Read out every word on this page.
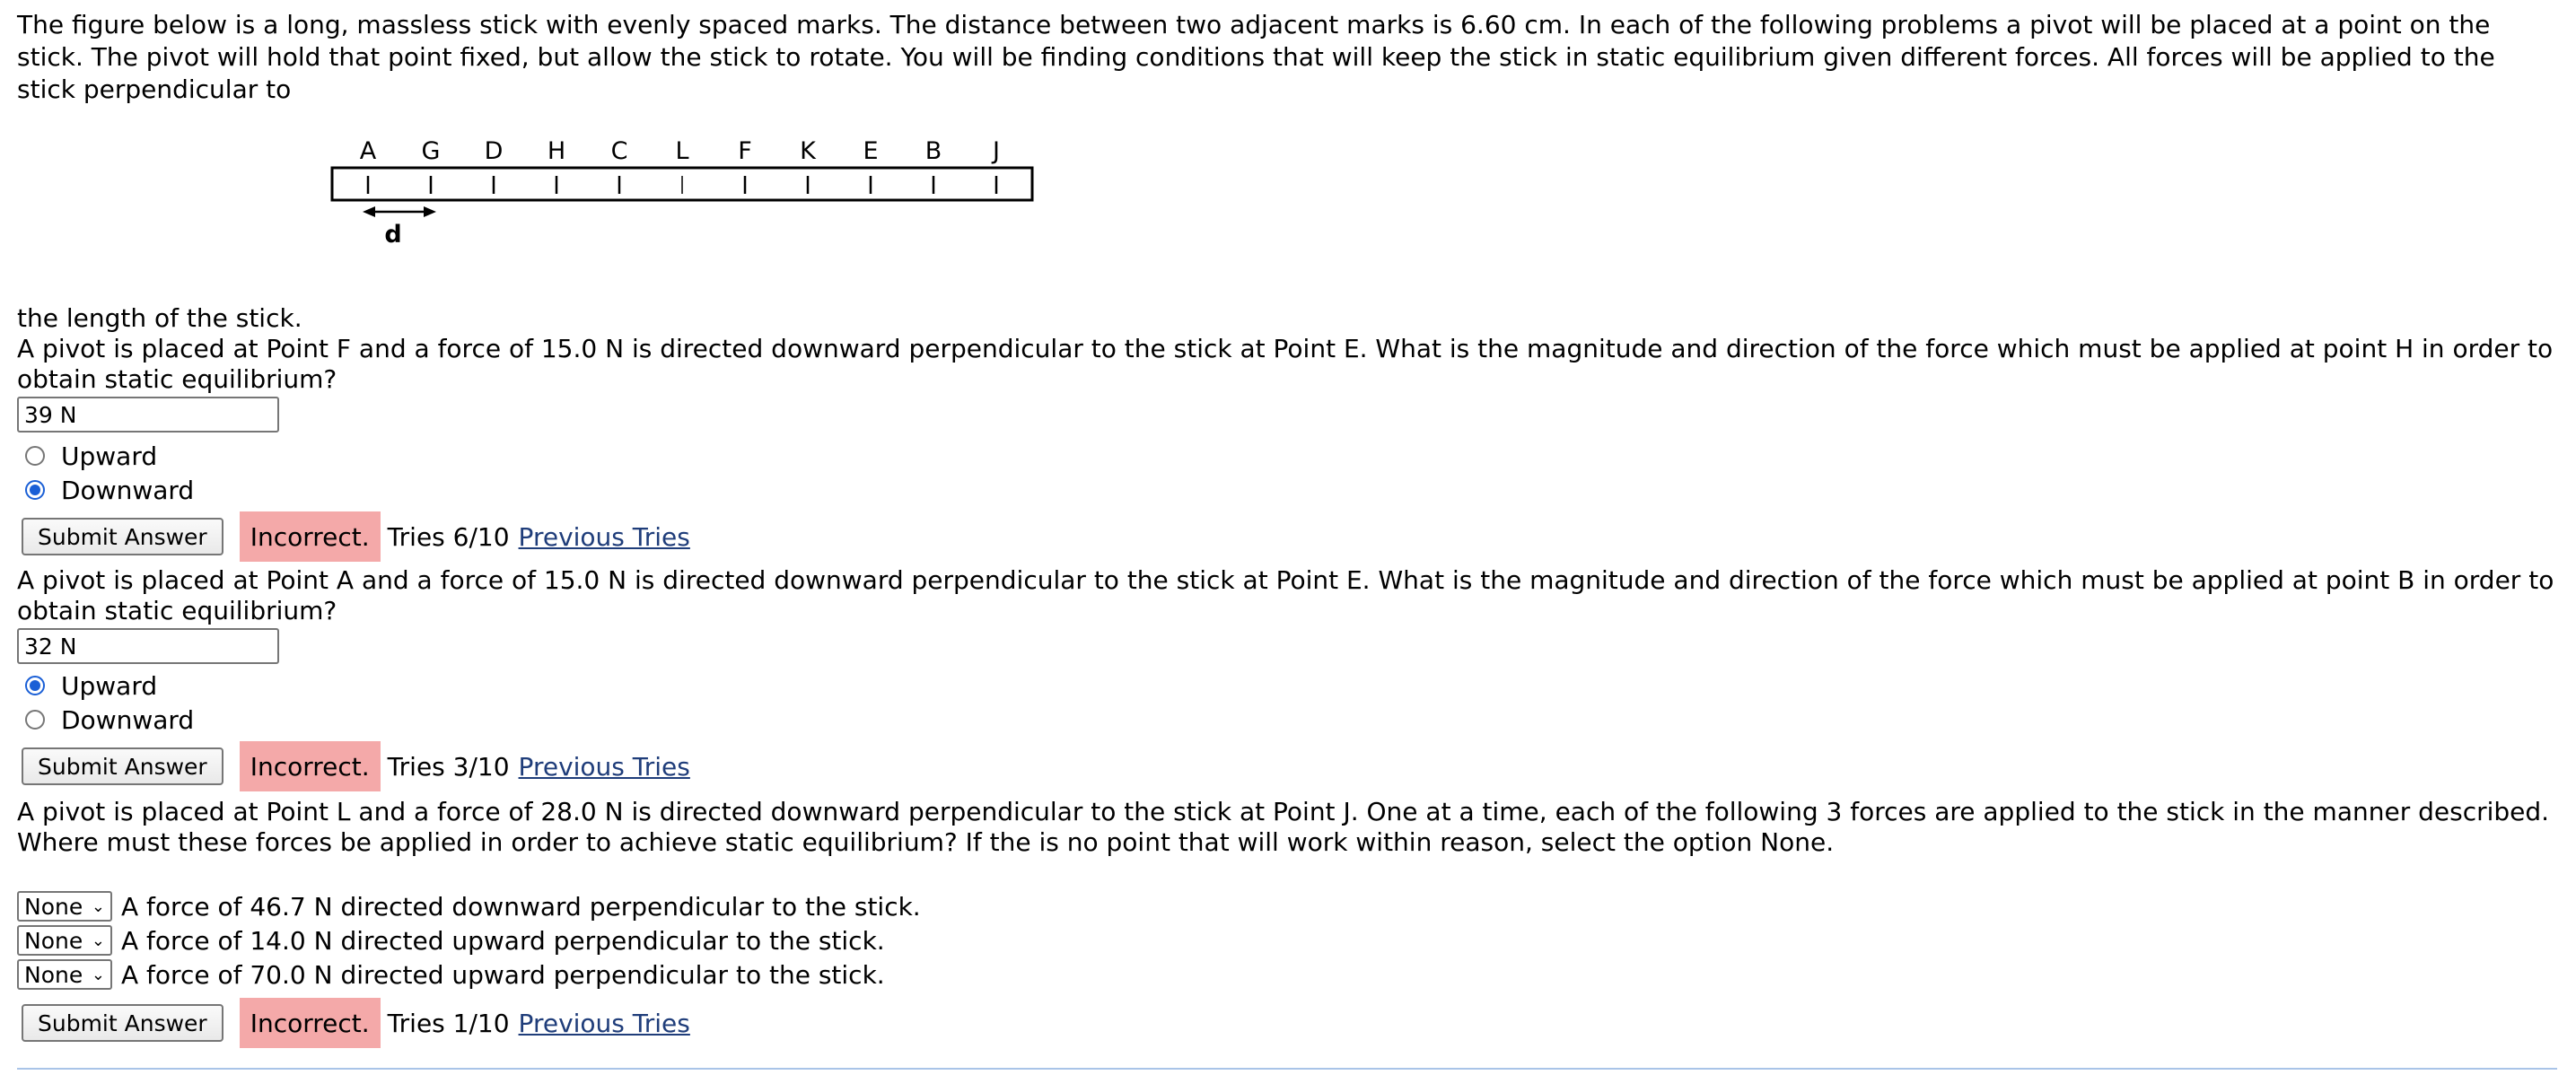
The figure below is a long, massless stick with evenly spaced marks. The distance between two adjacent marks is 6.60 cm. In each of the following problems a pivot will be placed at a point on the stick. The pivot will hold that point fixed, but allow the stick to rotate. You will be finding conditions that will keep the stick in static equilibrium given different forces. All forces will be applied to the stick perpendicular to
A G D H C L F K E B J
d
the length of the stick.
A pivot is placed at Point F and a force of 15.0 N is directed downward perpendicular to the stick at Point E. What is the magnitude and direction of the force which must be applied at point H in order to obtain static equilibrium?
39 N
Upward
Downward
Submit Answer	Incorrect. Tries 6/10 Previous Tries
A pivot is placed at Point A and a force of 15.0 N is directed downward perpendicular to the stick at Point E. What is the magnitude and direction of the force which must be applied at point B in order to obtain static equilibrium?
32 N
Upward
Downward
Submit Answer	Incorrect. Tries 3/10 Previous Tries
A pivot is placed at Point L and a force of 28.0 N is directed downward perpendicular to the stick at Point J. One at a time, each of the following 3 forces are applied to the stick in the manner described. Where must these forces be applied in order to achieve static equilibrium? If the is no point that will work within reason, select the option None.
None ⌄ A force of 46.7 N directed downward perpendicular to the stick.
None ⌄ A force of 14.0 N directed upward perpendicular to the stick.
None ⌄ A force of 70.0 N directed upward perpendicular to the stick.
Submit Answer	Incorrect. Tries 1/10 Previous Tries
